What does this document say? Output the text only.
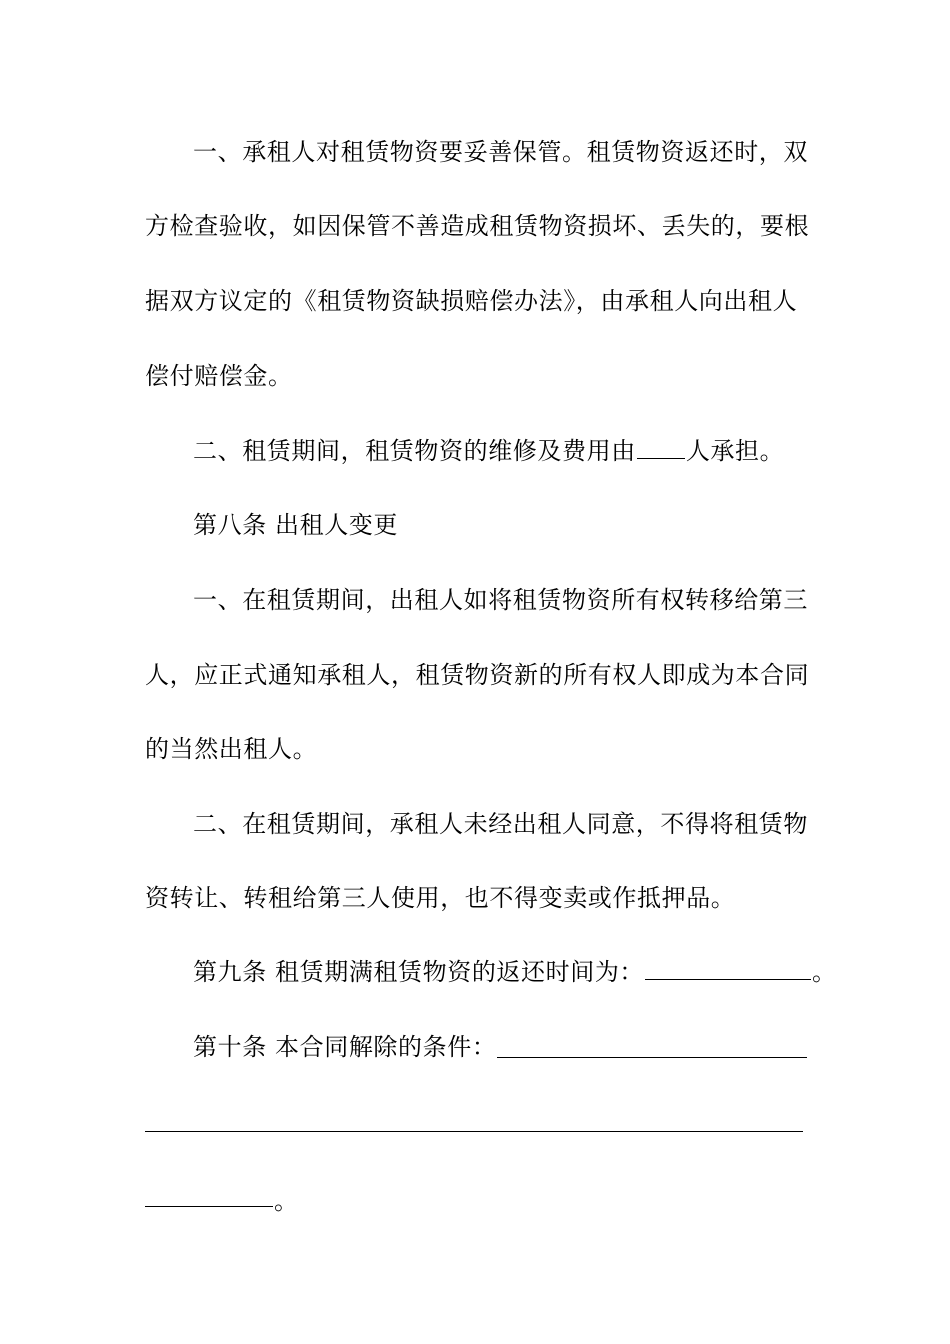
一、承租人对租赁物资要妥善保管。租赁物资返还时，双
方检查验收，如因保管不善造成租赁物资损坏、丢失的，要根
据双方议定的《租赁物资缺损赔偿办法》，由承租人向出租人
偿付赔偿金。
二、租赁期间，租赁物资的维修及费用由 人承担。
第八条 出租人变更
一、在租赁期间，出租人如将租赁物资所有权转移给第三
人，应正式通知承租人，租赁物资新的所有权人即成为本合同
的当然出租人。
二、在租赁期间，承租人未经出租人同意，不得将租赁物
资转让、转租给第三人使用，也不得变卖或作抵押品。
第九条 租赁期满租赁物资的返还时间为：	。
第十条 本合同解除的条件：
。
